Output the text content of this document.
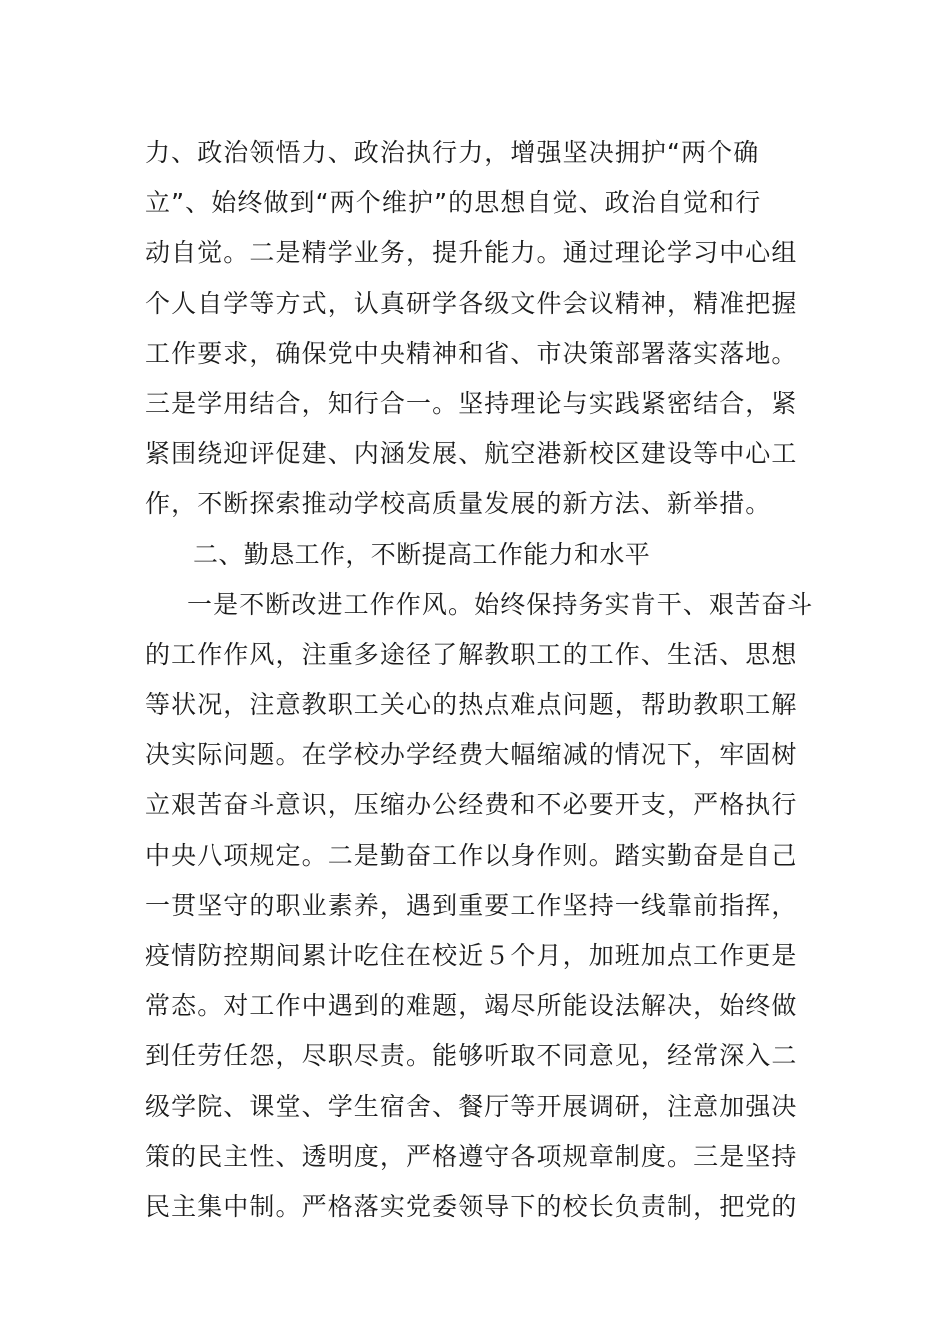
力、政治领悟力、政治执行力，增强坚决拥护“两个确
立”、始终做到“两个维护”的思想自觉、政治自觉和行
动自觉。二是精学业务，提升能力。通过理论学习中心组
个人自学等方式，认真研学各级文件会议精神，精准把握
工作要求，确保党中央精神和省、市决策部署落实落地。
三是学用结合，知行合一。坚持理论与实践紧密结合，紧
紧围绕迎评促建、内涵发展、航空港新校区建设等中心工
作，不断探索推动学校高质量发展的新方法、新举措。
二、勤恳工作，不断提高工作能力和水平
一是不断改进工作作风。始终保持务实肯干、艰苦奋斗
的工作作风，注重多途径了解教职工的工作、生活、思想
等状况，注意教职工关心的热点难点问题，帮助教职工解
决实际问题。在学校办学经费大幅缩减的情况下，牢固树
立艰苦奋斗意识，压缩办公经费和不必要开支，严格执行
中央八项规定。二是勤奋工作以身作则。踏实勤奋是自己
一贯坚守的职业素养，遇到重要工作坚持一线靠前指挥，
疫情防控期间累计吃住在校近５个月，加班加点工作更是
常态。对工作中遇到的难题，竭尽所能设法解决，始终做
到任劳任怨，尽职尽责。能够听取不同意见，经常深入二
级学院、课堂、学生宿舍、餐厅等开展调研，注意加强决
策的民主性、透明度，严格遵守各项规章制度。三是坚持
民主集中制。严格落实党委领导下的校长负责制，把党的
